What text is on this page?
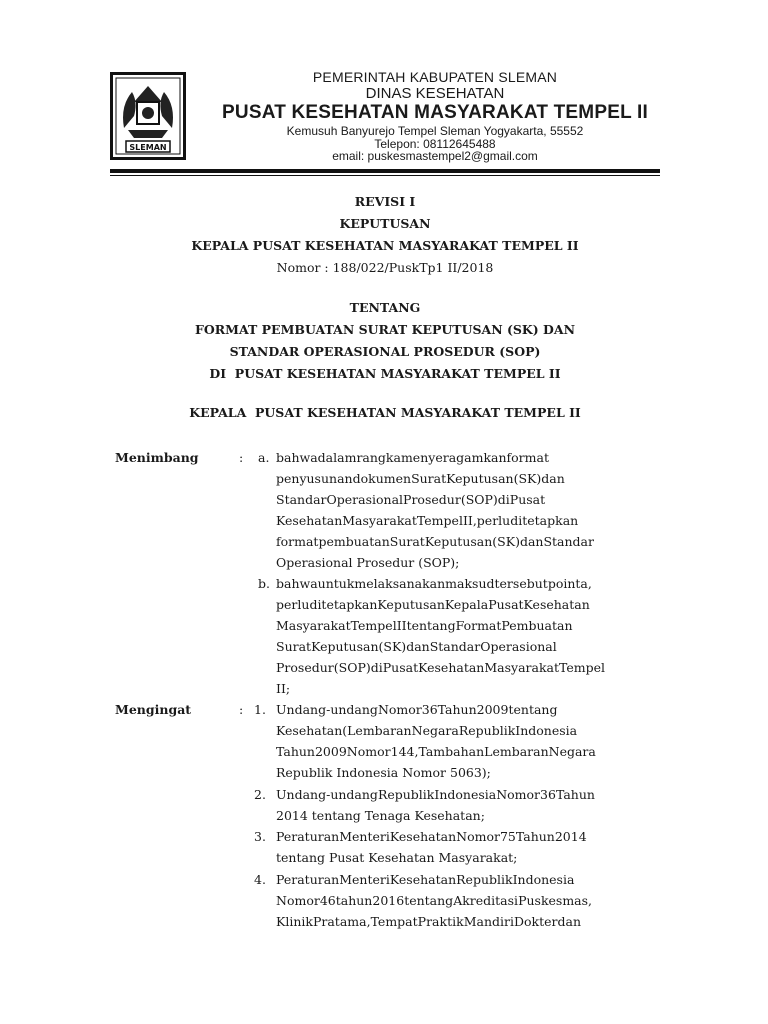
SLEMAN
PEMERINTAH KABUPATEN SLEMAN
DINAS KESEHATAN
PUSAT KESEHATAN MASYARAKAT TEMPEL II
Kemusuh Banyurejo Tempel Sleman Yogyakarta, 55552
Telepon: 08112645488
email: puskesmastempel2@gmail.com
REVISI I
KEPUTUSAN
KEPALA PUSAT KESEHATAN MASYARAKAT TEMPEL II
Nomor : 188/022/PuskTp1 II/2018
TENTANG
FORMAT PEMBUATAN SURAT KEPUTUSAN (SK) DAN
STANDAR OPERASIONAL PROSEDUR (SOP)
DI  PUSAT KESEHATAN MASYARAKAT TEMPEL II
KEPALA  PUSAT KESEHATAN MASYARAKAT TEMPEL II
Menimbang	: a. bahwadalamrangkamenyeragamkanformat
penyusunandokumenSuratKeputusan(SK)dan
StandarOperasionalProsedur(SOP)diPusat
KesehatanMasyarakatTempelII,perluditetapkan
formatpembuatanSuratKeputusan(SK)danStandar
Operasional Prosedur (SOP);
b. bahwauntukmelaksanakanmaksudtersebutpointa,
perluditetapkanKeputusanKepalaPusatKesehatan
MasyarakatTempelIItentangFormatPembuatan
SuratKeputusan(SK)danStandarOperasional
Prosedur(SOP)diPusatKesehatanMasyarakatTempel
II;
Mengingat	: 1. Undang-undangNomor36Tahun2009tentang
Kesehatan(LembaranNegaraRepublikIndonesia
Tahun2009Nomor144,TambahanLembaranNegara
Republik Indonesia Nomor 5063);
2. Undang-undangRepublikIndonesiaNomor36Tahun
2014 tentang Tenaga Kesehatan;
3. PeraturanMenteriKesehatanNomor75Tahun2014
tentang Pusat Kesehatan Masyarakat;
4. PeraturanMenteriKesehatanRepublikIndonesia
Nomor46tahun2016tentangAkreditasiPuskesmas,
KlinikPratama,TempatPraktikMandiriDokterdan
